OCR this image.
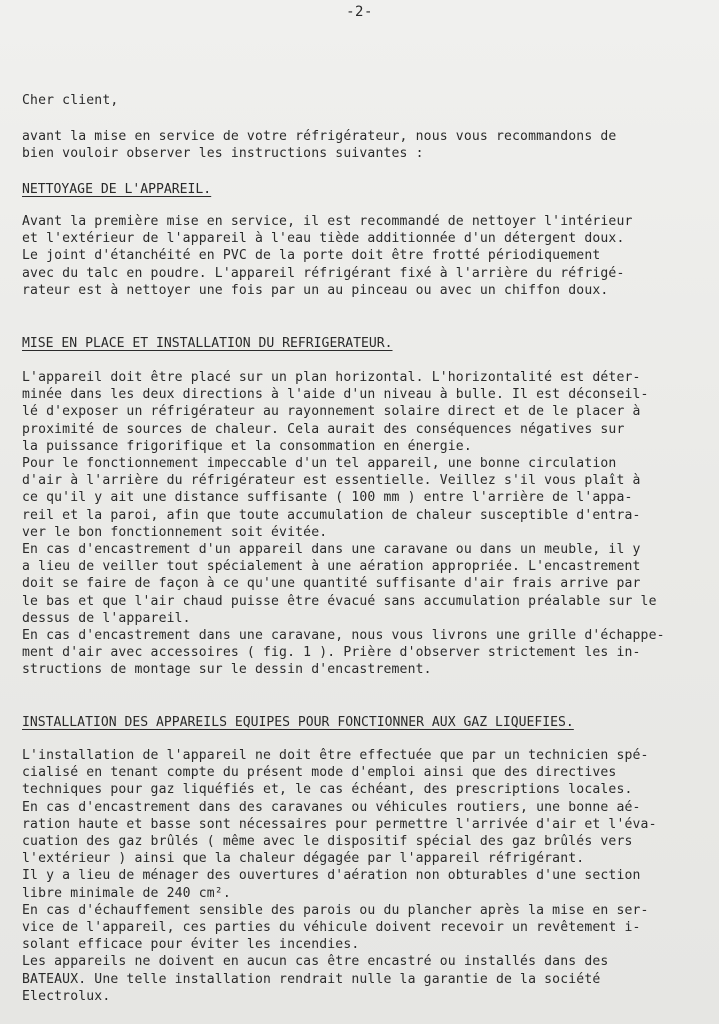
-2-
Cher client,
avant la mise en service de votre réfrigérateur, nous vous recommandons de
bien vouloir observer les instructions suivantes :
NETTOYAGE DE L'APPAREIL.
Avant la première mise en service, il est recommandé de nettoyer l'intérieur
et l'extérieur de l'appareil à l'eau tiède additionnée d'un détergent doux.
Le joint d'étanchéité en PVC de la porte doit être frotté périodiquement
avec du talc en poudre. L'appareil réfrigérant fixé à l'arrière du réfrigé-
rateur est à nettoyer une fois par un au pinceau ou avec un chiffon doux.
MISE EN PLACE ET INSTALLATION DU REFRIGERATEUR.
L'appareil doit être placé sur un plan horizontal. L'horizontalité est déter-
minée dans les deux directions à l'aide d'un niveau à bulle. Il est déconseil-
lé d'exposer un réfrigérateur au rayonnement solaire direct et de le placer à
proximité de sources de chaleur. Cela aurait des conséquences négatives sur
la puissance frigorifique et la consommation en énergie.
Pour le fonctionnement impeccable d'un tel appareil, une bonne circulation
d'air à l'arrière du réfrigérateur est essentielle. Veillez s'il vous plaît à
ce qu'il y ait une distance suffisante ( 100 mm ) entre l'arrière de l'appa-
reil et la paroi, afin que toute accumulation de chaleur susceptible d'entra-
ver le bon fonctionnement soit évitée.
En cas d'encastrement d'un appareil dans une caravane ou dans un meuble, il y
a lieu de veiller tout spécialement à une aération appropriée. L'encastrement
doit se faire de façon à ce qu'une quantité suffisante d'air frais arrive par
le bas et que l'air chaud puisse être évacué sans accumulation préalable sur le
dessus de l'appareil.
En cas d'encastrement dans une caravane, nous vous livrons une grille d'échappe-
ment d'air avec accessoires ( fig. 1 ). Prière d'observer strictement les in-
structions de montage sur le dessin d'encastrement.
INSTALLATION DES APPAREILS EQUIPES POUR FONCTIONNER AUX GAZ LIQUEFIES.
L'installation de l'appareil ne doit être effectuée que par un technicien spé-
cialisé en tenant compte du présent mode d'emploi ainsi que des directives
techniques pour gaz liquéfiés et, le cas échéant, des prescriptions locales.
En cas d'encastrement dans des caravanes ou véhicules routiers, une bonne aé-
ration haute et basse sont nécessaires pour permettre l'arrivée d'air et l'éva-
cuation des gaz brûlés ( même avec le dispositif spécial des gaz brûlés vers
l'extérieur ) ainsi que la chaleur dégagée par l'appareil réfrigérant.
Il y a lieu de ménager des ouvertures d'aération non obturables d'une section
libre minimale de 240 cm².
En cas d'échauffement sensible des parois ou du plancher après la mise en ser-
vice de l'appareil, ces parties du véhicule doivent recevoir un revêtement i-
solant efficace pour éviter les incendies.
Les appareils ne doivent en aucun cas être encastré ou installés dans des
BATEAUX. Une telle installation rendrait nulle la garantie de la société
Electrolux.
